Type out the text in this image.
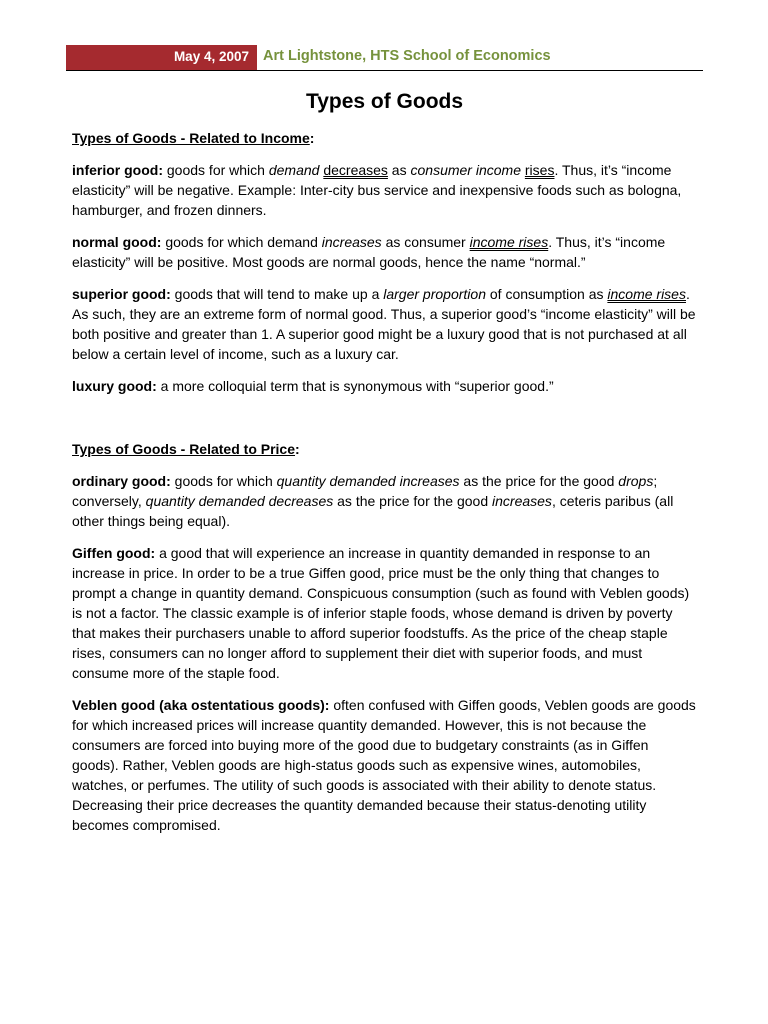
May 4, 2007 Art Lightstone, HTS School of Economics
Types of Goods
Types of Goods - Related to Income:

inferior good: goods for which demand decreases as consumer income rises. Thus, it’s “income elasticity” will be negative. Example: Inter-city bus service and inexpensive foods such as bologna, hamburger, and frozen dinners.

normal good: goods for which demand increases as consumer income rises. Thus, it’s “income elasticity” will be positive. Most goods are normal goods, hence the name “normal.”

superior good: goods that will tend to make up a larger proportion of consumption as income rises. As such, they are an extreme form of normal good. Thus, a superior good’s “income elasticity” will be both positive and greater than 1. A superior good might be a luxury good that is not purchased at all below a certain level of income, such as a luxury car.

luxury good: a more colloquial term that is synonymous with “superior good.”

Types of Goods - Related to Price:

ordinary good: goods for which quantity demanded increases as the price for the good drops; conversely, quantity demanded decreases as the price for the good increases, ceteris paribus (all other things being equal).

Giffen good: a good that will experience an increase in quantity demanded in response to an increase in price. In order to be a true Giffen good, price must be the only thing that changes to prompt a change in quantity demand. Conspicuous consumption (such as found with Veblen goods) is not a factor. The classic example is of inferior staple foods, whose demand is driven by poverty that makes their purchasers unable to afford superior foodstuffs. As the price of the cheap staple rises, consumers can no longer afford to supplement their diet with superior foods, and must consume more of the staple food.

Veblen good (aka ostentatious goods): often confused with Giffen goods, Veblen goods are goods for which increased prices will increase quantity demanded. However, this is not because the consumers are forced into buying more of the good due to budgetary constraints (as in Giffen goods). Rather, Veblen goods are high-status goods such as expensive wines, automobiles, watches, or perfumes. The utility of such goods is associated with their ability to denote status. Decreasing their price decreases the quantity demanded because their status-denoting utility becomes compromised.
